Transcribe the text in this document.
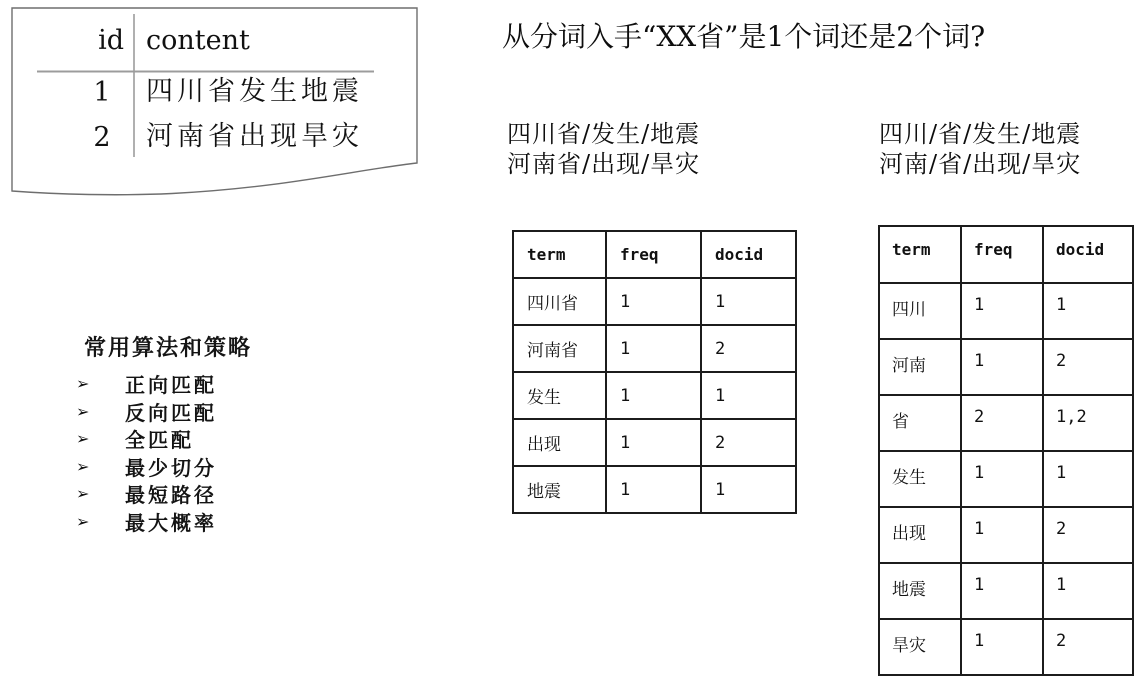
id content
1	四川省发生地震
2	河南省出现旱灾
从分词入手“XX省”是1个词还是2个词?
四川省/发生/地震
河南省/出现/旱灾
四川/省/发生/地震
河南/省/出现/旱灾
常用算法和策略
➢	正向匹配
➢	反向匹配
➢	全匹配
➢	最少切分
➢	最短路径
➢	最大概率
term	freq	docid
四川省	1	1
河南省	1	2
发生	1	1
出现	1	2
地震	1	1
term	freq	docid
四川	1	1
河南	1	2
省	2	1,2
发生	1	1
出现	1	2
地震	1	1
旱灾	1	2
